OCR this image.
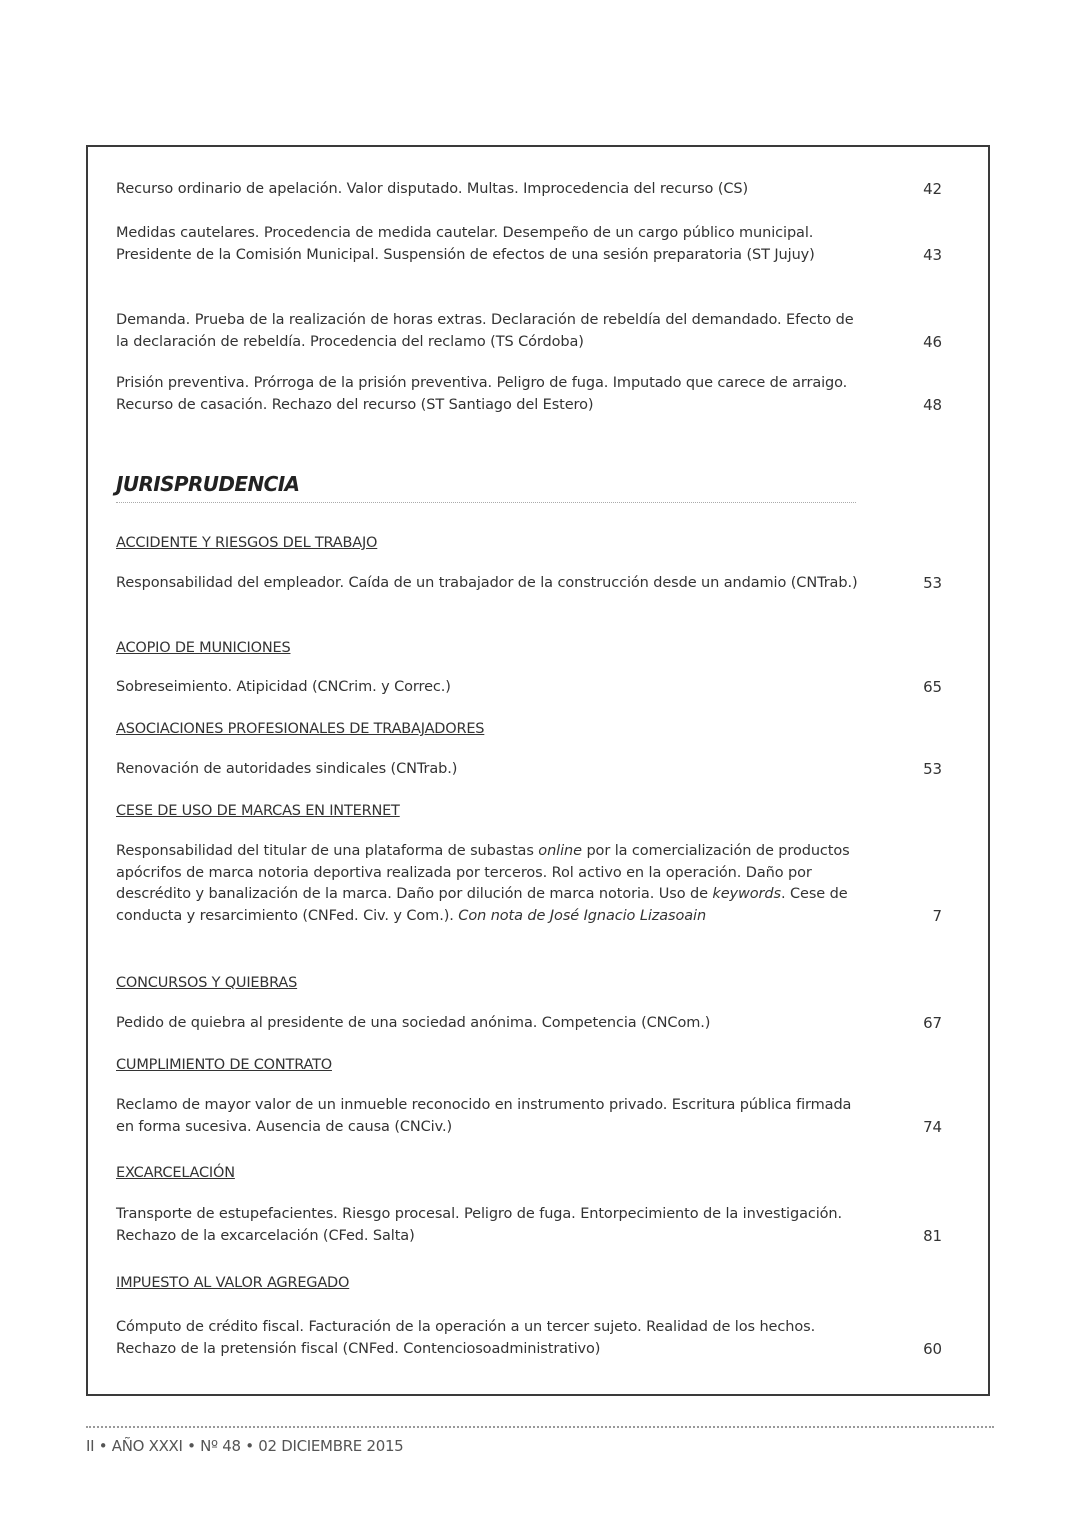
Recurso ordinario de apelación. Valor disputado. Multas. Improcedencia del recurso (CS)	42
Medidas cautelares. Procedencia de medida cautelar. Desempeño de un cargo público municipal. Presidente de la Comisión Municipal. Suspensión de efectos de una sesión preparatoria (ST Jujuy)	43
Demanda. Prueba de la realización de horas extras. Declaración de rebeldía del demandado. Efecto de la declaración de rebeldía. Procedencia del reclamo (TS Córdoba)	46
Prisión preventiva. Prórroga de la prisión preventiva. Peligro de fuga. Imputado que carece de arraigo. Recurso de casación. Rechazo del recurso (ST Santiago del Estero)	48
JURISPRUDENCIA
ACCIDENTE Y RIESGOS DEL TRABAJO
Responsabilidad del empleador. Caída de un trabajador de la construcción desde un andamio (CNTrab.)	53
ACOPIO DE MUNICIONES
Sobreseimiento. Atipicidad (CNCrim. y Correc.)	65
ASOCIACIONES PROFESIONALES DE TRABAJADORES
Renovación de autoridades sindicales (CNTrab.)	53
CESE DE USO DE MARCAS EN INTERNET
Responsabilidad del titular de una plataforma de subastas online por la comercialización de productos apócrifos de marca notoria deportiva realizada por terceros. Rol activo en la operación. Daño por descrédito y banalización de la marca. Daño por dilución de marca notoria. Uso de keywords. Cese de conducta y resarcimiento (CNFed. Civ. y Com.). Con nota de José Ignacio Lizasoain	7
CONCURSOS Y QUIEBRAS
Pedido de quiebra al presidente de una sociedad anónima. Competencia (CNCom.)	67
CUMPLIMIENTO DE CONTRATO
Reclamo de mayor valor de un inmueble reconocido en instrumento privado. Escritura pública firmada en forma sucesiva. Ausencia de causa (CNCiv.)	74
EXCARCELACIÓN
Transporte de estupefacientes. Riesgo procesal. Peligro de fuga. Entorpecimiento de la investigación. Rechazo de la excarcelación (CFed. Salta)	81
IMPUESTO AL VALOR AGREGADO
Cómputo de crédito fiscal. Facturación de la operación a un tercer sujeto. Realidad de los hechos. Rechazo de la pretensión fiscal (CNFed. Contenciosoadministrativo)	60
II • AÑO XXXI • Nº 48 • 02 DICIEMBRE 2015
